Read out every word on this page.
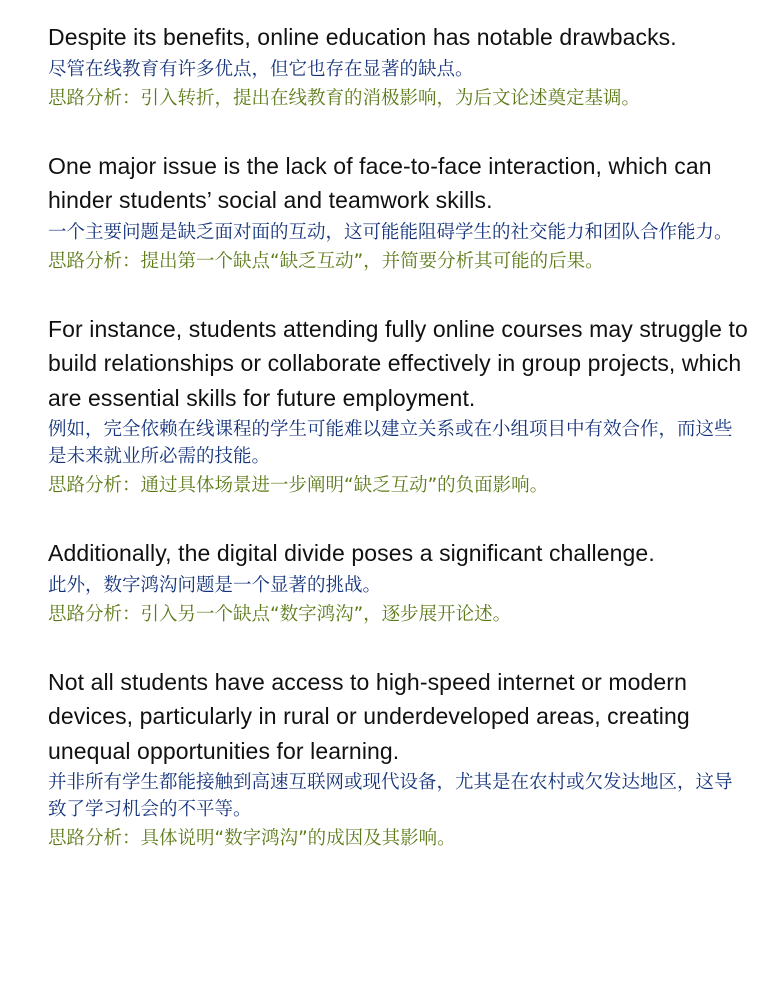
Despite its benefits, online education has notable drawbacks.
尽管在线教育有许多优点，但它也存在显著的缺点。
思路分析：引入转折，提出在线教育的消极影响，为后文论述奠定基调。
One major issue is the lack of face-to-face interaction, which can hinder students’ social and teamwork skills.
一个主要问题是缺乏面对面的互动，这可能能阻碍学生的社交能力和团队合作能力。
思路分析：提出第一个缺点“缺乏互动”，并简要分析其可能的后果。
For instance, students attending fully online courses may struggle to build relationships or collaborate effectively in group projects, which are essential skills for future employment.
例如，完全依赖在线课程的学生可能难以建立关系或在小组项目中有效合作，而这些是未来就业所必需的技能。
思路分析：通过具体场景进一步阐明“缺乏互动”的负面影响。
Additionally, the digital divide poses a significant challenge.
此外，数字鸿沟问题是一个显著的挑战。
思路分析：引入另一个缺点“数字鸿沟”，逐步展开论述。
Not all students have access to high-speed internet or modern devices, particularly in rural or underdeveloped areas, creating unequal opportunities for learning.
并非所有学生都能接触到高速互联网或现代设备，尤其是在农村或欠发达地区，这导致了学习机会的不平等。
思路分析：具体说明“数字鸿沟”的成因及其影响。
